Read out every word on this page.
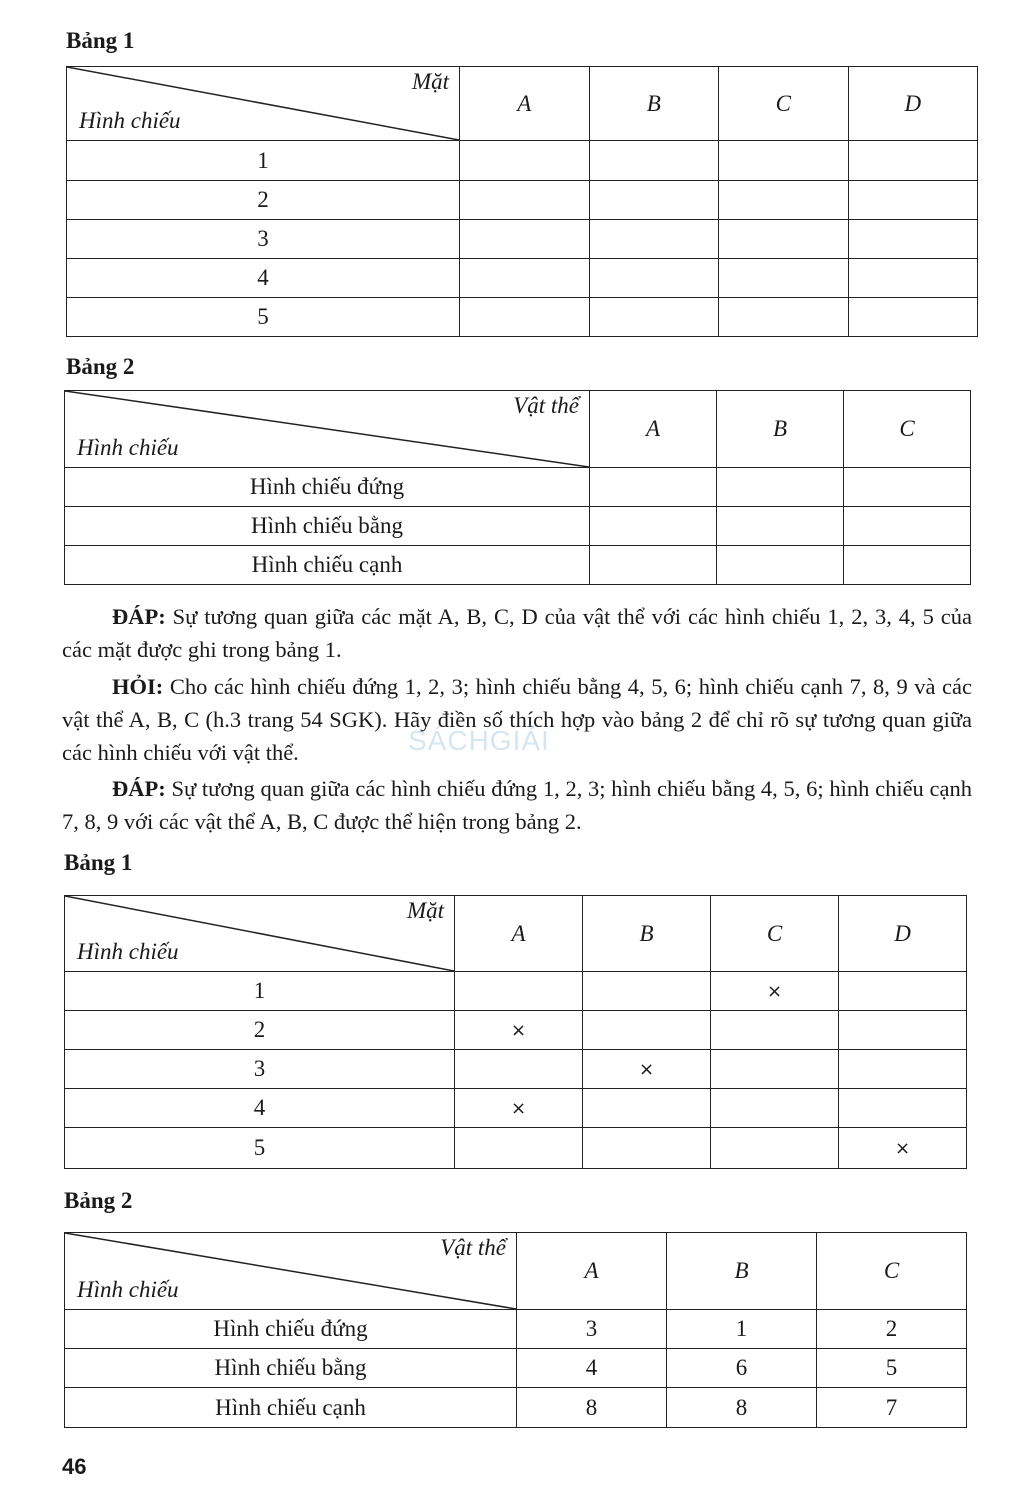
Bảng 1
Mặt
Hình chiếu	A	B	C	D
1				
2				
3				
4				
5				
Bảng 2
Vật thể
Hình chiếu	A	B	C
Hình chiếu đứng			
Hình chiếu bằng			
Hình chiếu cạnh			

ĐÁP: Sự tương quan giữa các mặt A, B, C, D của vật thể với các hình chiếu 1, 2, 3, 4, 5 của các mặt được ghi trong bảng 1.

HỎI: Cho các hình chiếu đứng 1, 2, 3; hình chiếu bằng 4, 5, 6; hình chiếu cạnh 7, 8, 9 và các vật thể A, B, C (h.3 trang 54 SGK). Hãy điền số thích hợp vào bảng 2 để chỉ rõ sự tương quan giữa các hình chiếu với vật thể.

ĐÁP: Sự tương quan giữa các hình chiếu đứng 1, 2, 3; hình chiếu bằng 4, 5, 6; hình chiếu cạnh 7, 8, 9 với các vật thể A, B, C được thể hiện trong bảng 2.

SÁCHGIẢI
Bảng 1
Mặt
Hình chiếu	A	B	C	D
1			×	
2	×			
3		×		
4	×			
5				×
Bảng 2
Vật thể
Hình chiếu	A	B	C
Hình chiếu đứng	3	1	2
Hình chiếu bằng	4	6	5
Hình chiếu cạnh	8	8	7
46
